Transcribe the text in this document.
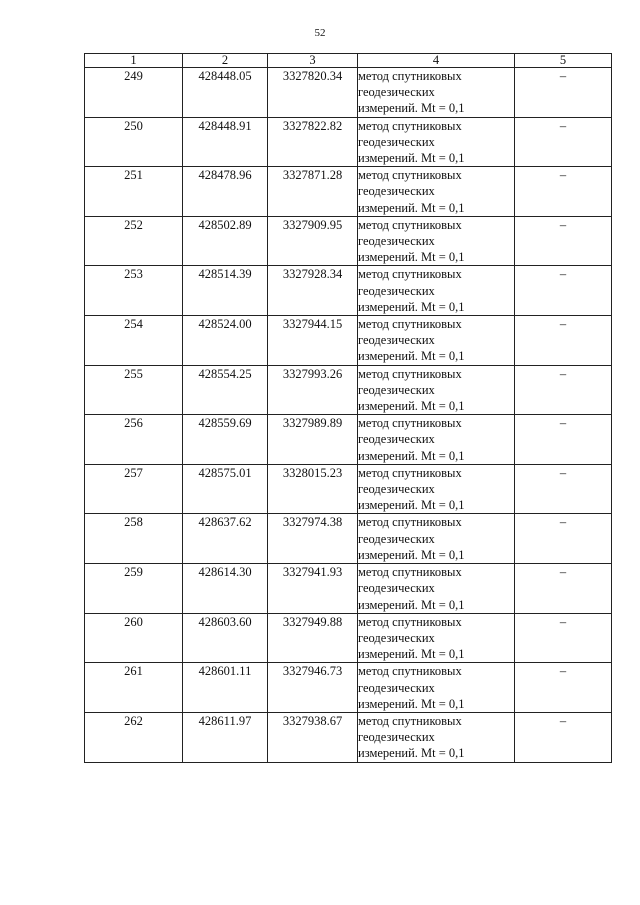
52
1	2	3	4	5
249	428448.05	3327820.34	метод спутниковых
геодезических
измерений. Mt = 0,1	–
250	428448.91	3327822.82	метод спутниковых
геодезических
измерений. Mt = 0,1	–
251	428478.96	3327871.28	метод спутниковых
геодезических
измерений. Mt = 0,1	–
252	428502.89	3327909.95	метод спутниковых
геодезических
измерений. Mt = 0,1	–
253	428514.39	3327928.34	метод спутниковых
геодезических
измерений. Mt = 0,1	–
254	428524.00	3327944.15	метод спутниковых
геодезических
измерений. Mt = 0,1	–
255	428554.25	3327993.26	метод спутниковых
геодезических
измерений. Mt = 0,1	–
256	428559.69	3327989.89	метод спутниковых
геодезических
измерений. Mt = 0,1	–
257	428575.01	3328015.23	метод спутниковых
геодезических
измерений. Mt = 0,1	–
258	428637.62	3327974.38	метод спутниковых
геодезических
измерений. Mt = 0,1	–
259	428614.30	3327941.93	метод спутниковых
геодезических
измерений. Mt = 0,1	–
260	428603.60	3327949.88	метод спутниковых
геодезических
измерений. Mt = 0,1	–
261	428601.11	3327946.73	метод спутниковых
геодезических
измерений. Mt = 0,1	–
262	428611.97	3327938.67	метод спутниковых
геодезических
измерений. Mt = 0,1	–
